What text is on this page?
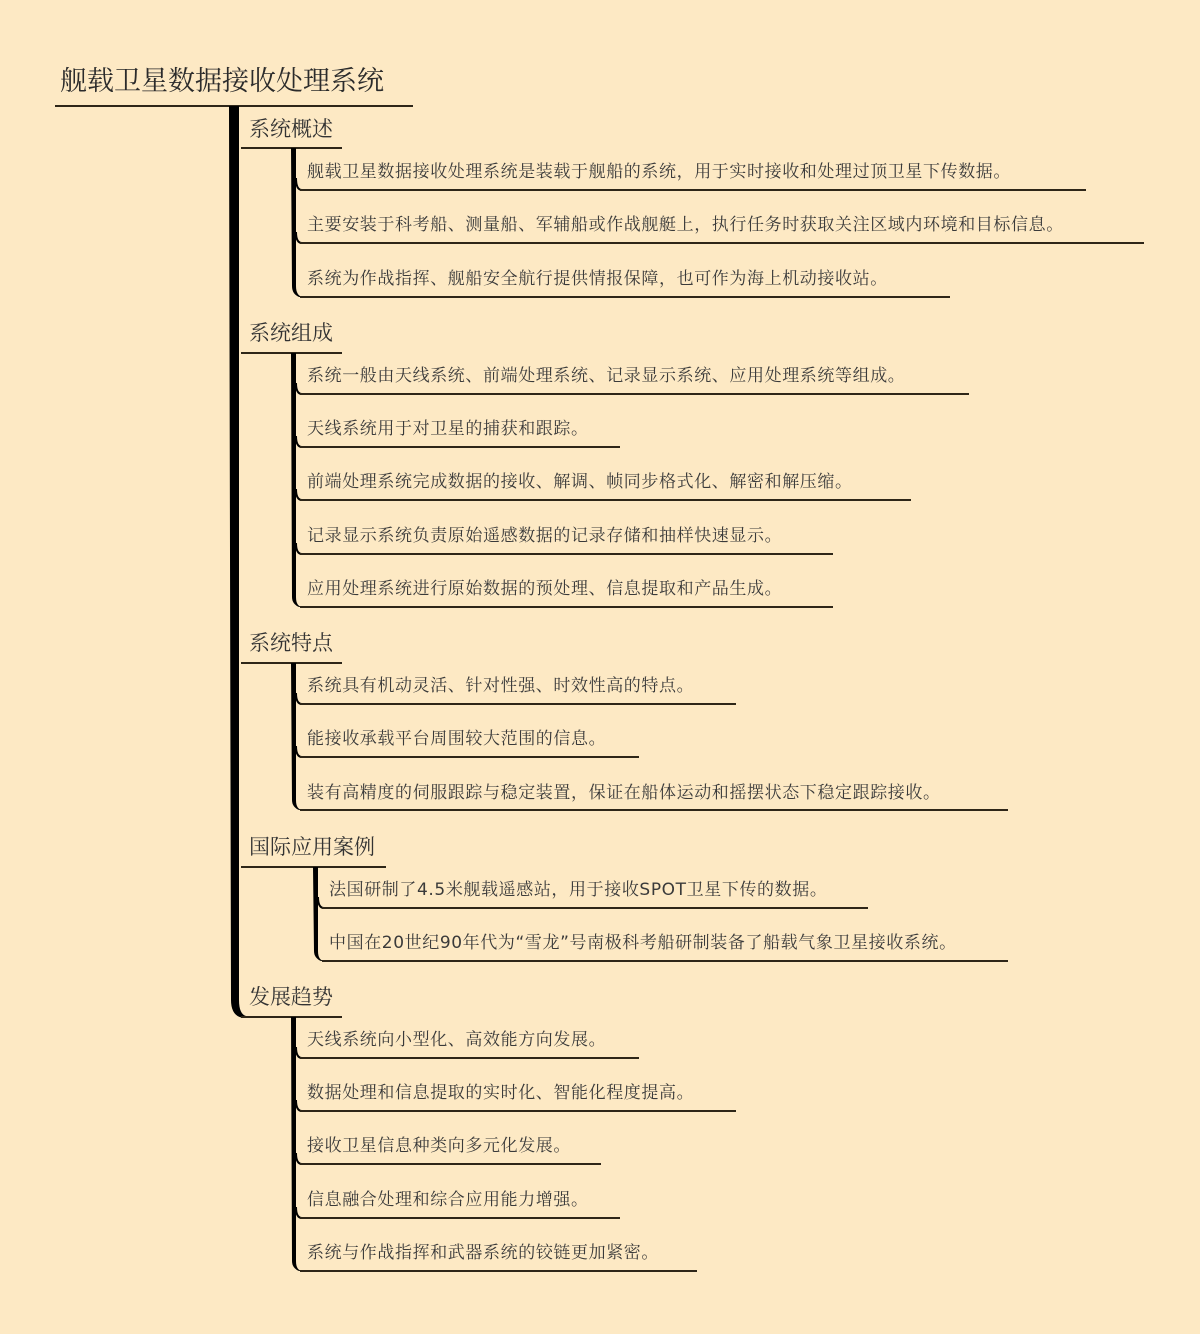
舰载卫星数据接收处理系统
系统概述
舰载卫星数据接收处理系统是装载于舰船的系统，用于实时接收和处理过顶卫星下传数据。
主要安装于科考船、测量船、军辅船或作战舰艇上，执行任务时获取关注区域内环境和目标信息。
系统为作战指挥、舰船安全航行提供情报保障，也可作为海上机动接收站。
系统组成
系统一般由天线系统、前端处理系统、记录显示系统、应用处理系统等组成。
天线系统用于对卫星的捕获和跟踪。
前端处理系统完成数据的接收、解调、帧同步格式化、解密和解压缩。
记录显示系统负责原始遥感数据的记录存储和抽样快速显示。
应用处理系统进行原始数据的预处理、信息提取和产品生成。
系统特点
系统具有机动灵活、针对性强、时效性高的特点。
能接收承载平台周围较大范围的信息。
装有高精度的伺服跟踪与稳定装置，保证在船体运动和摇摆状态下稳定跟踪接收。
国际应用案例
法国研制了4.5米舰载遥感站，用于接收SPOT卫星下传的数据。
中国在20世纪90年代为“雪龙”号南极科考船研制装备了船载气象卫星接收系统。
发展趋势
天线系统向小型化、高效能方向发展。
数据处理和信息提取的实时化、智能化程度提高。
接收卫星信息种类向多元化发展。
信息融合处理和综合应用能力增强。
系统与作战指挥和武器系统的铰链更加紧密。
